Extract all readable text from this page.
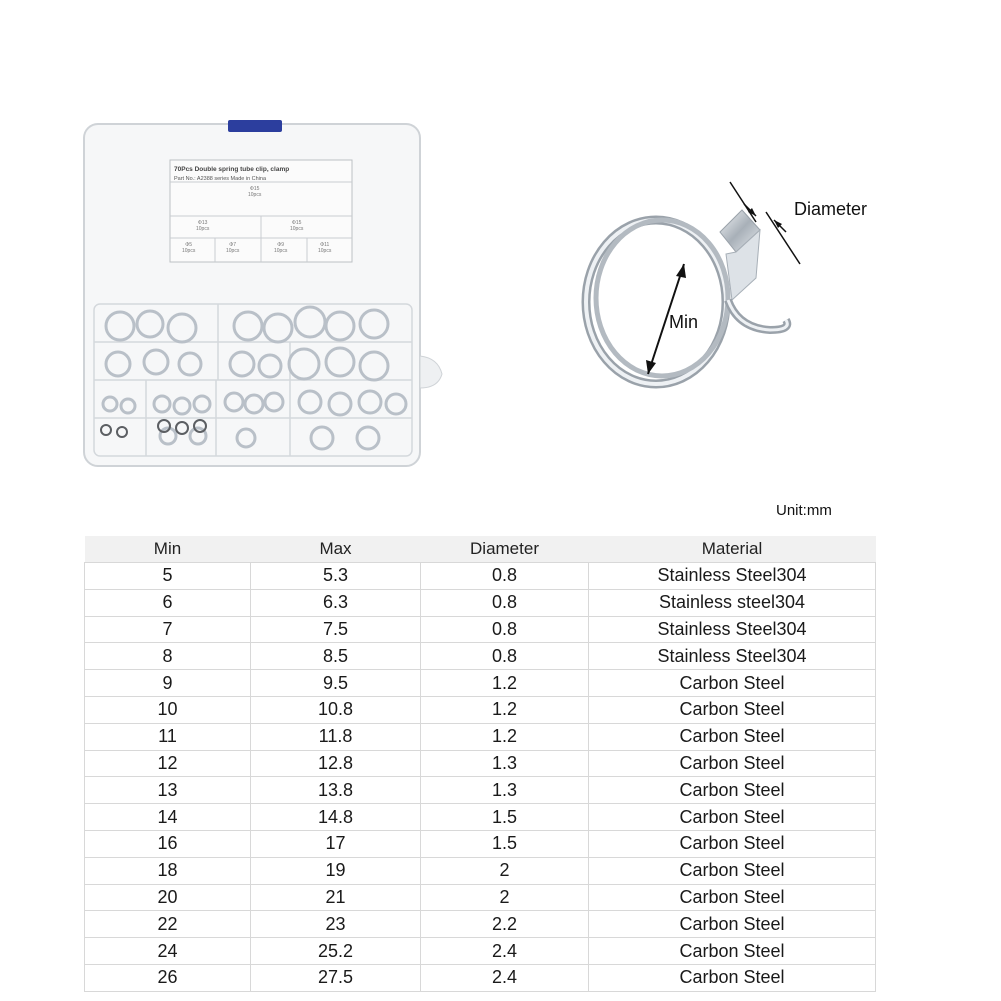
70Pcs Double spring tube clip, clamp
Part No.: A2388 series Made in China
Φ15
10pcs
Φ13
10pcs
Φ15
10pcs
Φ5
10pcs
Φ7
10pcs
Φ9
10pcs
Φ11
10pcs
Diameter
Min
Unit:mm
Min	Max	Diameter	Material
5	5.3	0.8	Stainless Steel304
6	6.3	0.8	Stainless steel304
7	7.5	0.8	Stainless Steel304
8	8.5	0.8	Stainless Steel304
9	9.5	1.2	Carbon Steel
10	10.8	1.2	Carbon Steel
11	11.8	1.2	Carbon Steel
12	12.8	1.3	Carbon Steel
13	13.8	1.3	Carbon Steel
14	14.8	1.5	Carbon Steel
16	17	1.5	Carbon Steel
18	19	2	Carbon Steel
20	21	2	Carbon Steel
22	23	2.2	Carbon Steel
24	25.2	2.4	Carbon Steel
26	27.5	2.4	Carbon Steel
